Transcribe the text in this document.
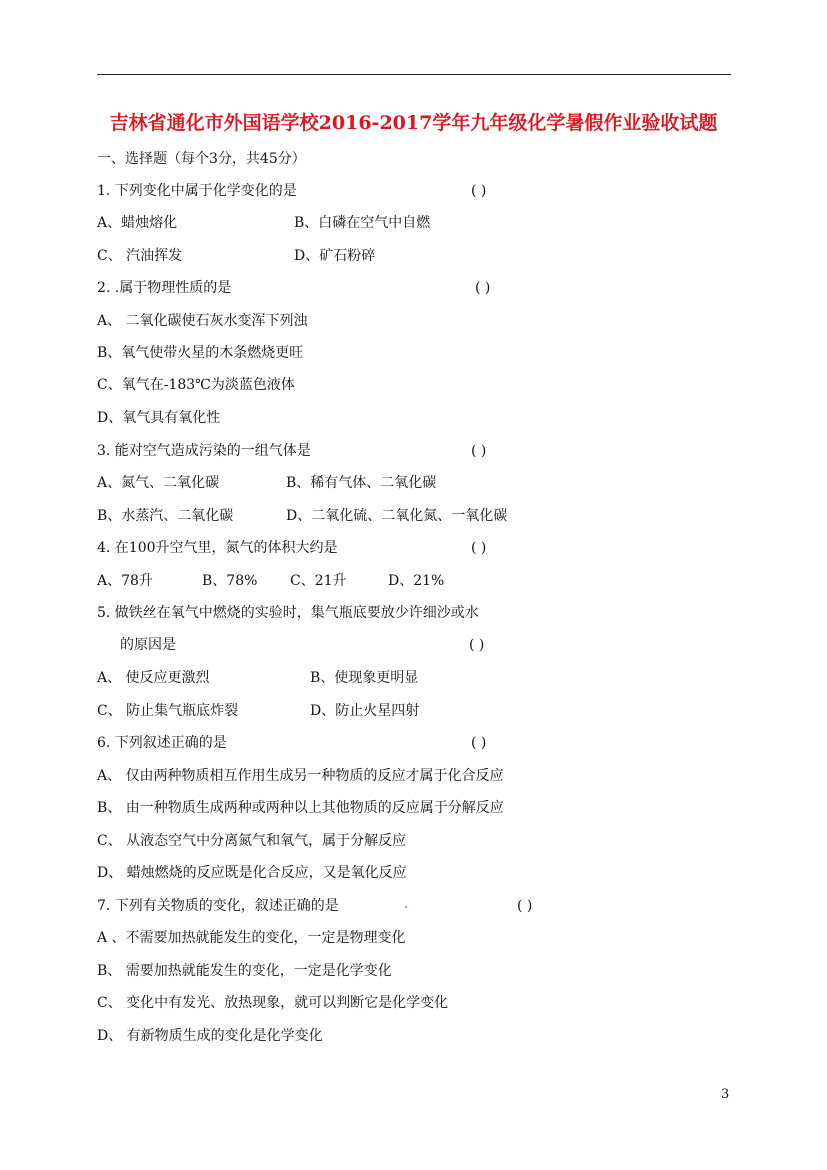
吉林省通化市外国语学校2016-2017学年九年级化学暑假作业验收试题
一、选择题（每个3分，共45分）
1. 下列变化中属于化学变化的是	( )
A、蜡烛熔化	B、白磷在空气中自燃
C、 汽油挥发	D、矿石粉碎
2. .属于物理性质的是	( )
A、 二氧化碳使石灰水变浑下列浊
B、氧气使带火星的木条燃烧更旺
C、氧气在-183℃为淡蓝色液体
D、氧气具有氧化性
3. 能对空气造成污染的一组气体是	( )
A、氮气、二氧化碳	B、稀有气体、二氧化碳
B、水蒸汽、二氧化碳	D、二氧化硫、二氧化氮、一氧化碳
4. 在100升空气里，氮气的体积大约是	( )
A、78升	B、78% C、21升	D、21%
5. 做铁丝在氧气中燃烧的实验时，集气瓶底要放少许细沙或水
的原因是	( )
A、 使反应更激烈	B、使现象更明显
C、 防止集气瓶底炸裂	D、防止火星四射
6. 下列叙述正确的是	( )
A、 仅由两种物质相互作用生成另一种物质的反应才属于化合反应
B、 由一种物质生成两种或两种以上其他物质的反应属于分解反应
C、 从液态空气中分离氮气和氧气，属于分解反应
D、 蜡烛燃烧的反应既是化合反应，又是氧化反应
7. 下列有关物质的变化，叙述正确的是	.	( )
A 、不需要加热就能发生的变化，一定是物理变化
B、 需要加热就能发生的变化，一定是化学变化
C、 变化中有发光、放热现象，就可以判断它是化学变化
D、 有新物质生成的变化是化学变化
3
